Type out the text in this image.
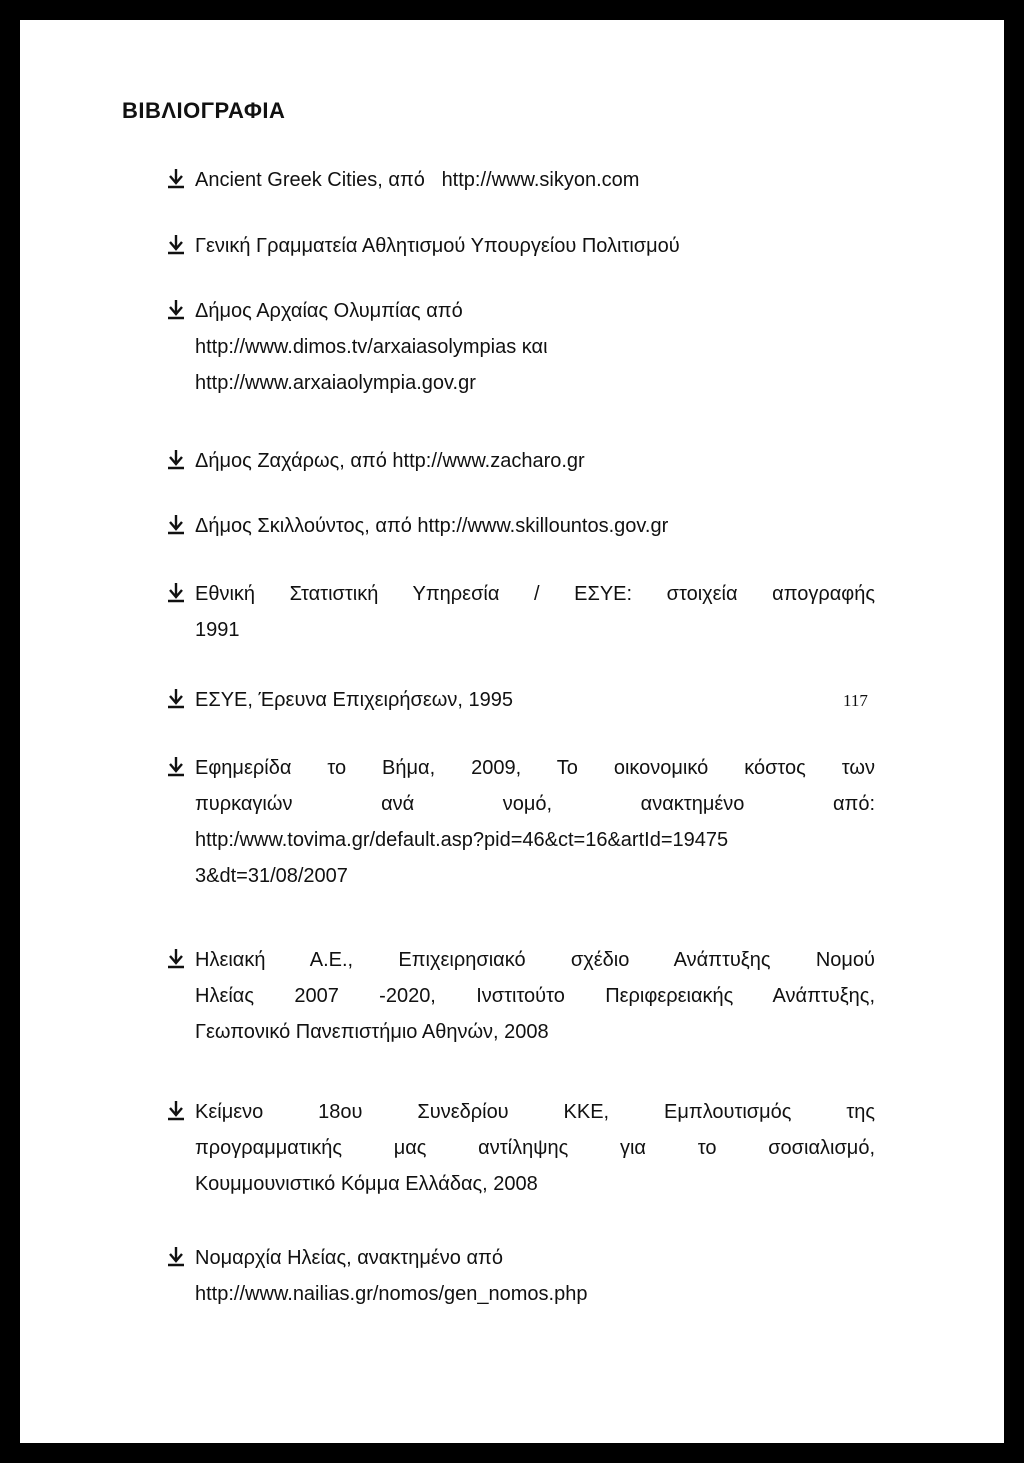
ΒΙΒΛΙΟΓΡΑΦΙΑ
Ancient Greek Cities, από   http://www.sikyon.com
Γενική Γραμματεία Αθλητισμού Υπουργείου Πολιτισμού
Δήμος Αρχαίας Ολυμπίας από
http://www.dimos.tv/arxaiasolympias και
http://www.arxaiaolympia.gov.gr
Δήμος Ζαχάρως, από http://www.zacharo.gr
Δήμος Σκιλλούντος, από http://www.skillountos.gov.gr
Εθνική Στατιστική Υπηρεσία / ΕΣΥΕ: στοιχεία απογραφής
1991
ΕΣΥΕ, Έρευνα Επιχειρήσεων, 1995
Εφημερίδα το Βήμα, 2009, Το οικονομικό κόστος των
πυρκαγιών ανά νομό, ανακτημένο από:
http:/www.tovima.gr/default.asp?pid=46&ct=16&artId=19475
3&dt=31/08/2007
Ηλειακή Α.Ε., Επιχειρησιακό σχέδιο Ανάπτυξης Νομού
Ηλείας 2007 -2020, Ινστιτούτο Περιφερειακής Ανάπτυξης,
Γεωπονικό Πανεπιστήμιο Αθηνών, 2008
Κείμενο 18ου Συνεδρίου ΚΚΕ, Εμπλουτισμός της
προγραμματικής μας αντίληψης για το σοσιαλισμό,
Κουμμουνιστικό Κόμμα Ελλάδας, 2008
Νομαρχία Ηλείας, ανακτημένο από
http://www.nailias.gr/nomos/gen_nomos.php
117
